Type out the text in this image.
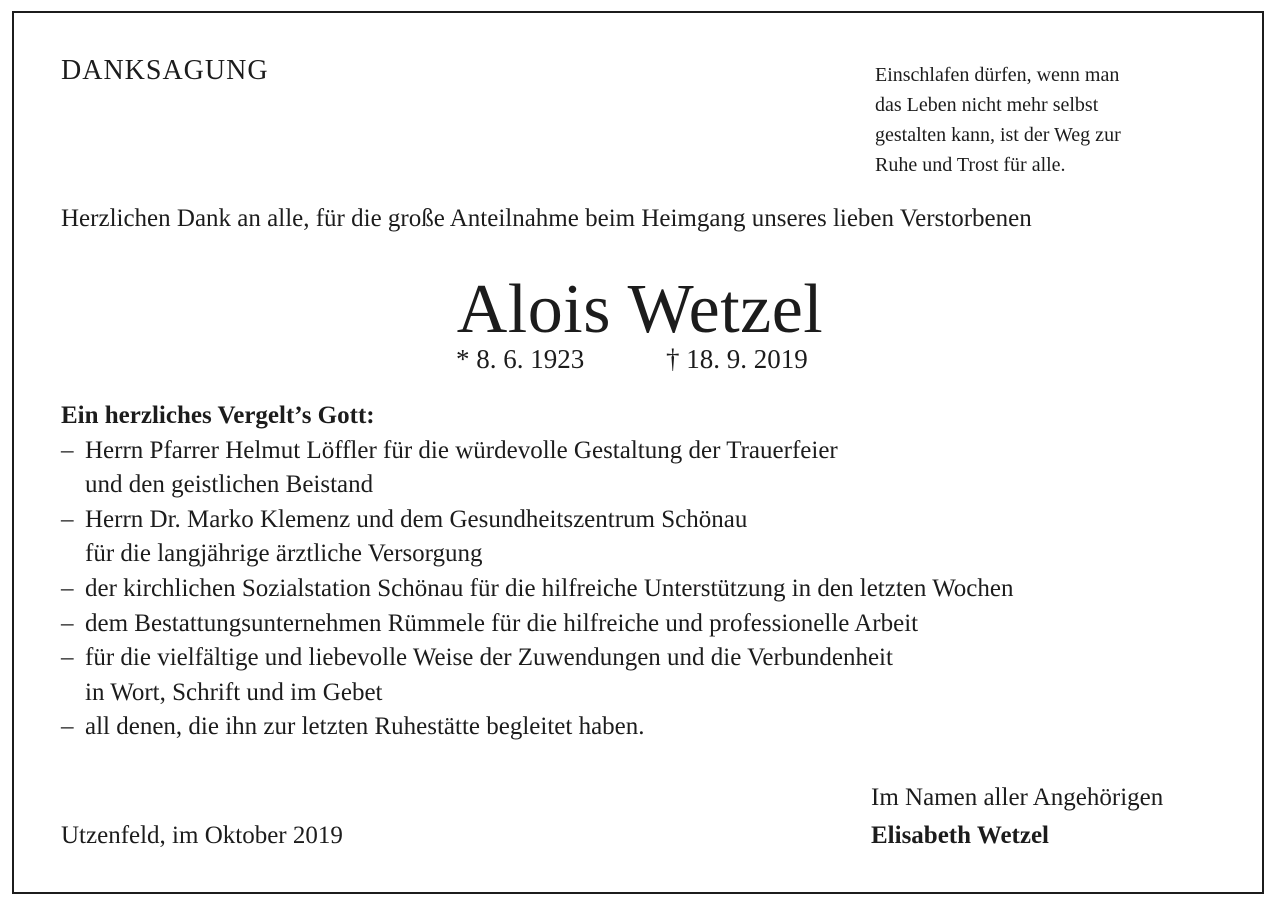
DANKSAGUNG	Einschlafen dürfen, wenn man
das Leben nicht mehr selbst
gestalten kann, ist der Weg zur
Ruhe und Trost für alle.
Herzlichen Dank an alle, für die große Anteilnahme beim Heimgang unseres lieben Verstorbenen
Alois Wetzel
* 8. 6. 1923	† 18. 9. 2019
Ein herzliches Vergelt’s Gott:
– Herrn Pfarrer Helmut Löffler für die würdevolle Gestaltung der Trauerfeier
und den geistlichen Beistand
– Herrn Dr. Marko Klemenz und dem Gesundheitszentrum Schönau
für die langjährige ärztliche Versorgung
– der kirchlichen Sozialstation Schönau für die hilfreiche Unterstützung in den letzten Wochen
– dem Bestattungsunternehmen Rümmele für die hilfreiche und professionelle Arbeit
– für die vielfältige und liebevolle Weise der Zuwendungen und die Verbundenheit
in Wort, Schrift und im Gebet
– all denen, die ihn zur letzten Ruhestätte begleitet haben.
Im Namen aller Angehörigen
Elisabeth Wetzel
Utzenfeld, im Oktober 2019
